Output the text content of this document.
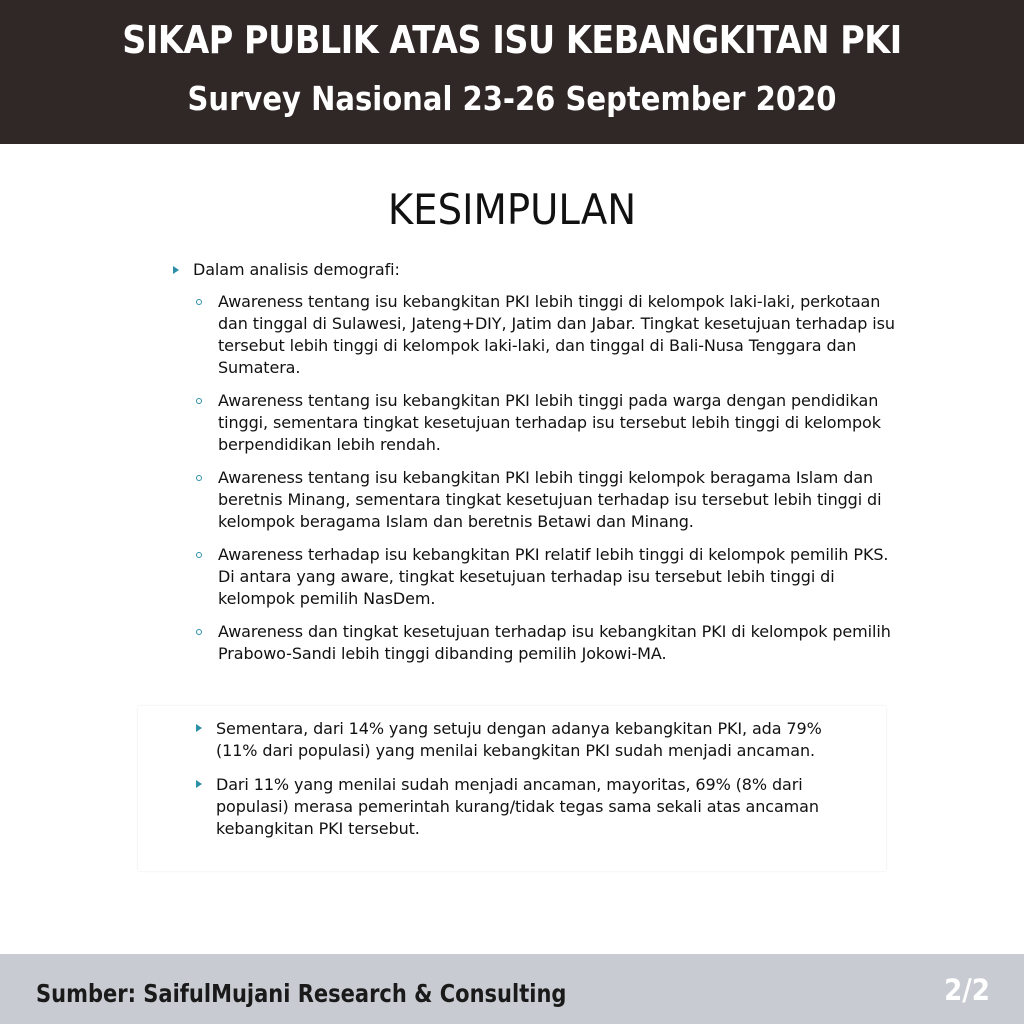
SIKAP PUBLIK ATAS ISU KEBANGKITAN PKI
Survey Nasional 23-26 September 2020
KESIMPULAN
Dalam analisis demografi:
Awareness tentang isu kebangkitan PKI lebih tinggi di kelompok laki-laki, perkotaan dan tinggal di Sulawesi, Jateng+DIY, Jatim dan Jabar. Tingkat kesetujuan terhadap isu tersebut lebih tinggi di kelompok laki-laki, dan tinggal di Bali-Nusa Tenggara dan Sumatera.
Awareness tentang isu kebangkitan PKI lebih tinggi pada warga dengan pendidikan tinggi, sementara tingkat kesetujuan terhadap isu tersebut lebih tinggi di kelompok berpendidikan lebih rendah.
Awareness tentang isu kebangkitan PKI lebih tinggi kelompok beragama Islam dan beretnis Minang, sementara tingkat kesetujuan terhadap isu tersebut lebih tinggi di kelompok beragama Islam dan beretnis Betawi dan Minang.
Awareness terhadap isu kebangkitan PKI relatif lebih tinggi di kelompok pemilih PKS. Di antara yang aware, tingkat kesetujuan terhadap isu tersebut lebih tinggi di kelompok pemilih NasDem.
Awareness dan tingkat kesetujuan terhadap isu kebangkitan PKI di kelompok pemilih Prabowo-Sandi lebih tinggi dibanding pemilih Jokowi-MA.
Sementara, dari 14% yang setuju dengan adanya kebangkitan PKI, ada 79% (11% dari populasi) yang menilai kebangkitan PKI sudah menjadi ancaman.
Dari 11% yang menilai sudah menjadi ancaman, mayoritas, 69% (8% dari populasi) merasa pemerintah kurang/tidak tegas sama sekali atas ancaman kebangkitan PKI tersebut.
Sumber: SaifulMujani Research & Consulting	2/2
